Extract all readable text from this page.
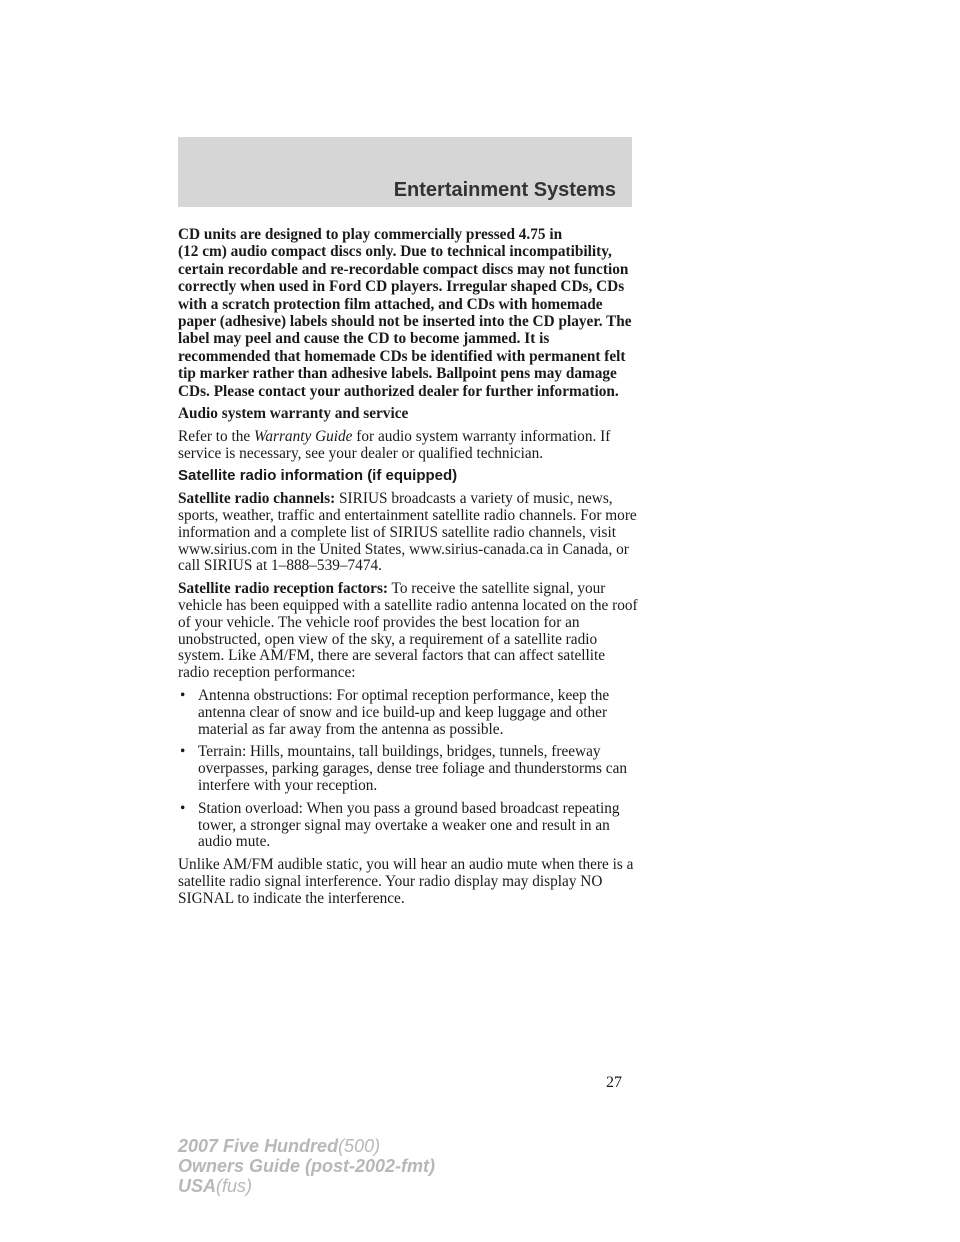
Entertainment Systems

CD units are designed to play commercially pressed 4.75 in
(12 cm) audio compact discs only. Due to technical incompatibility, certain recordable and re-recordable compact discs may not function correctly when used in Ford CD players. Irregular shaped CDs, CDs with a scratch protection film attached, and CDs with homemade paper (adhesive) labels should not be inserted into the CD player. The label may peel and cause the CD to become jammed. It is recommended that homemade CDs be identified with permanent felt tip marker rather than adhesive labels. Ballpoint pens may damage CDs. Please contact your authorized dealer for further information.

Audio system warranty and service

Refer to the Warranty Guide for audio system warranty information. If service is necessary, see your dealer or qualified technician.

Satellite radio information (if equipped)

Satellite radio channels: SIRIUS broadcasts a variety of music, news, sports, weather, traffic and entertainment satellite radio channels. For more information and a complete list of SIRIUS satellite radio channels, visit www.sirius.com in the United States, www.sirius-canada.ca in Canada, or call SIRIUS at 1–888–539–7474.

Satellite radio reception factors: To receive the satellite signal, your vehicle has been equipped with a satellite radio antenna located on the roof of your vehicle. The vehicle roof provides the best location for an unobstructed, open view of the sky, a requirement of a satellite radio system. Like AM/FM, there are several factors that can affect satellite radio reception performance:

• Antenna obstructions: For optimal reception performance, keep the antenna clear of snow and ice build-up and keep luggage and other material as far away from the antenna as possible.
• Terrain: Hills, mountains, tall buildings, bridges, tunnels, freeway overpasses, parking garages, dense tree foliage and thunderstorms can interfere with your reception.
• Station overload: When you pass a ground based broadcast repeating tower, a stronger signal may overtake a weaker one and result in an audio mute.

Unlike AM/FM audible static, you will hear an audio mute when there is a satellite radio signal interference. Your radio display may display NO SIGNAL to indicate the interference.

27
2007 Five Hundred(500)
Owners Guide (post-2002-fmt)
USA(fus)
